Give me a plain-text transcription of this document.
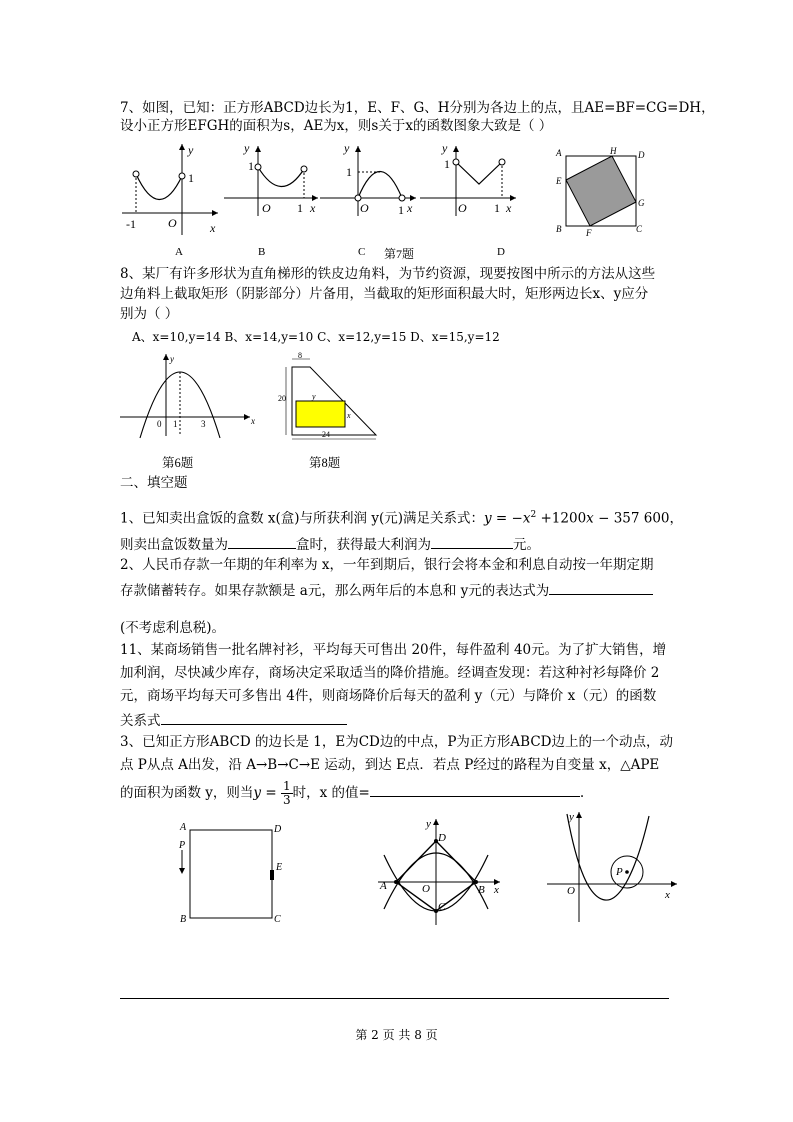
7、如图，已知：正方形ABCD边长为1，E、F、G、H分别为各边上的点，且AE=BF=CG=DH，
设小正方形EFGH的面积为s，AE为x，则s关于x的函数图象大致是（ ）
y
1
-1	O	x
y
1
O 1 x
y
1
O 1 x
y
1
O 1 x
A	H D
E
G
B	F	C
A	B	C 第7题	D
8、某厂有许多形状为直角梯形的铁皮边角料，为节约资源，现要按图中所示的方法从这些
边角料上截取矩形（阴影部分）片备用，当截取的矩形面积最大时，矩形两边长x、y应分
别为（ ）
A、x=10,y=14 B、x=14,y=10 C、x=12,y=15 D、x=15,y=12
y
0 1	3	x
8
20	y
x
24
第6题	第8题
二、填空题
1、已知卖出盒饭的盒数 x(盒)与所获利润 y(元)满足关系式：$y = -x^2 +1200x - 357$ 600，
则卖出盒饭数量为	盒时，获得最大利润为	元。
2、人民币存款一年期的年利率为 x，一年到期后，银行会将本金和利息自动按一年期定期
存款储蓄转存。如果存款额是 a元，那么两年后的本息和 y元的表达式为
(不考虑利息税)。
11、某商场销售一批名牌衬衫，平均每天可售出 20件，每件盈利 40元。为了扩大销售，增
加利润，尽快减少库存，商场决定采取适当的降价措施。经调查发现：若这种衬衫每降价 2
元，商场平均每天可多售出 4件，则商场降价后每天的盈利 y（元）与降价 x（元）的函数
关系式
3、已知正方形ABCD 的边长是 1，E为CD边的中点，P为正方形ABCD边上的一个动点，动
点 P从点 A出发，沿 A→B→C→E 运动，到达 E点．若点 P经过的路程为自变量 x，△APE
的面积为函数 y，则当$y = \frac{1}{3}$ 时，x 的值=	.
A	D
P
E
B	C
y
D
A	O	B x
C
y
O
P
x
第 2 页 共 8 页
